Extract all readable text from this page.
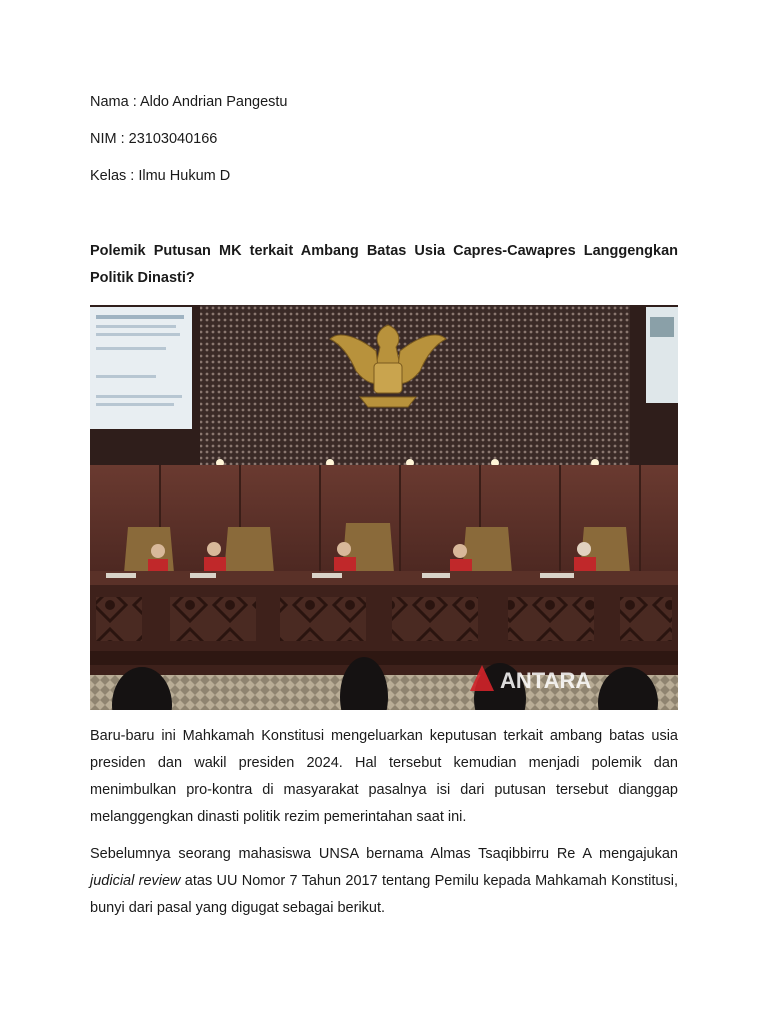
Nama : Aldo Andrian Pangestu
NIM : 23103040166
Kelas : Ilmu Hukum D
Polemik Putusan MK terkait Ambang Batas Usia Capres-Cawapres Langgengkan Politik Dinasti?
ANTARA
Baru-baru ini Mahkamah Konstitusi mengeluarkan keputusan terkait ambang batas usia presiden dan wakil presiden 2024. Hal tersebut kemudian menjadi polemik dan menimbulkan pro-kontra di masyarakat pasalnya isi dari putusan tersebut dianggap melanggengkan dinasti politik rezim pemerintahan saat ini.
Sebelumnya seorang mahasiswa UNSA bernama Almas Tsaqibbirru Re A mengajukan judicial review atas UU Nomor 7 Tahun 2017 tentang Pemilu kepada Mahkamah Konstitusi, bunyi dari pasal yang digugat sebagai berikut.
